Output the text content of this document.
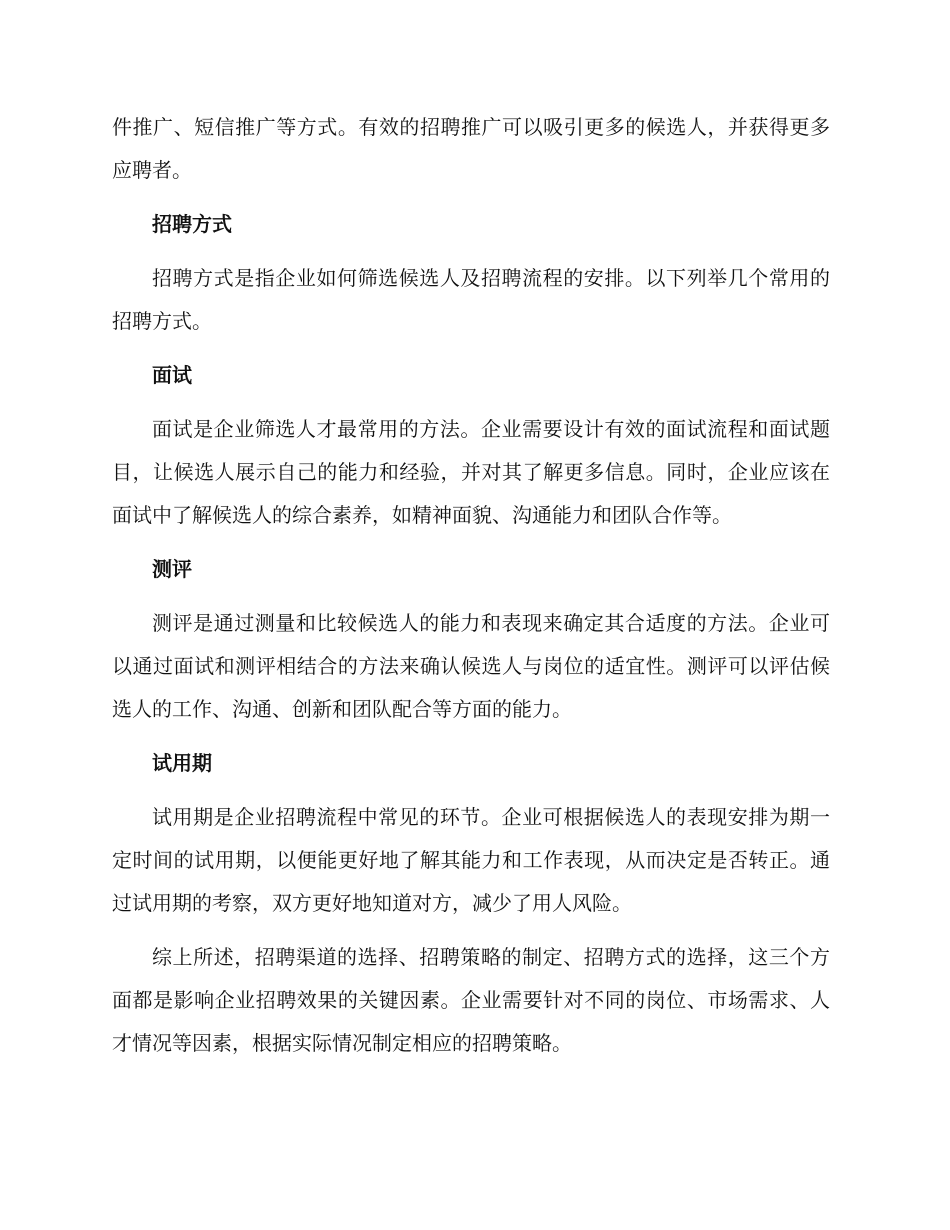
件推广、短信推广等方式。有效的招聘推广可以吸引更多的候选人，并获得更多应聘者。

招聘方式

招聘方式是指企业如何筛选候选人及招聘流程的安排。以下列举几个常用的招聘方式。

面试

面试是企业筛选人才最常用的方法。企业需要设计有效的面试流程和面试题目，让候选人展示自己的能力和经验，并对其了解更多信息。同时，企业应该在面试中了解候选人的综合素养，如精神面貌、沟通能力和团队合作等。

测评

测评是通过测量和比较候选人的能力和表现来确定其合适度的方法。企业可以通过面试和测评相结合的方法来确认候选人与岗位的适宜性。测评可以评估候选人的工作、沟通、创新和团队配合等方面的能力。

试用期

试用期是企业招聘流程中常见的环节。企业可根据候选人的表现安排为期一定时间的试用期，以便能更好地了解其能力和工作表现，从而决定是否转正。通过试用期的考察，双方更好地知道对方，减少了用人风险。

综上所述，招聘渠道的选择、招聘策略的制定、招聘方式的选择，这三个方面都是影响企业招聘效果的关键因素。企业需要针对不同的岗位、市场需求、人才情况等因素，根据实际情况制定相应的招聘策略。
